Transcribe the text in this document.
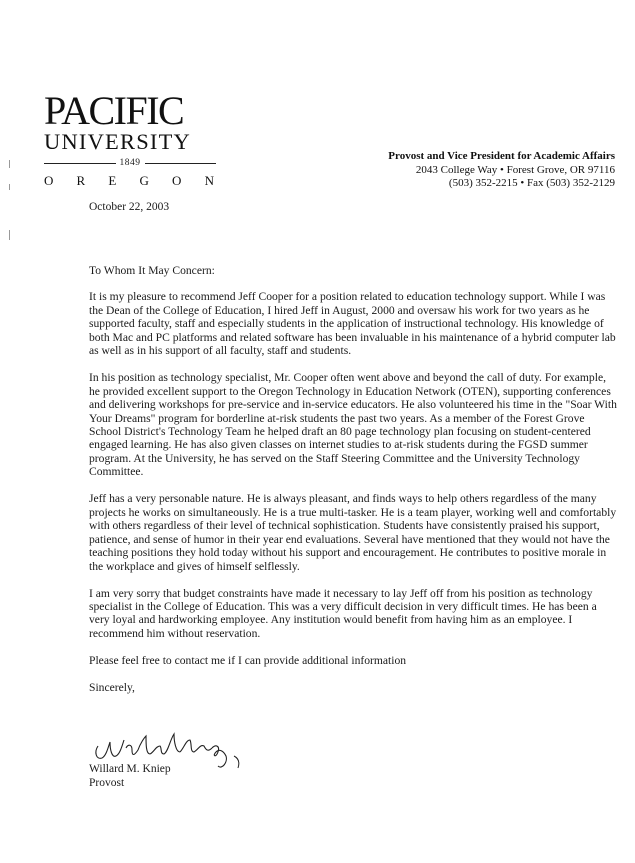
PACIFIC
UNIVERSITY
1849
O R E G O N
Provost and Vice President for Academic Affairs
2043 College Way • Forest Grove, OR 97116
(503) 352-2215 • Fax (503) 352-2129
October 22, 2003

To Whom It May Concern:

It is my pleasure to recommend Jeff Cooper for a position related to education technology support. While I was the Dean of the College of Education, I hired Jeff in August, 2000 and oversaw his work for two years as he supported faculty, staff and especially students in the application of instructional technology. His knowledge of both Mac and PC platforms and related software has been invaluable in his maintenance of a hybrid computer lab as well as in his support of all faculty, staff and students.

In his position as technology specialist, Mr. Cooper often went above and beyond the call of duty. For example, he provided excellent support to the Oregon Technology in Education Network (OTEN), supporting conferences and delivering workshops for pre-service and in-service educators. He also volunteered his time in the "Soar With Your Dreams" program for borderline at-risk students the past two years. As a member of the Forest Grove School District's Technology Team he helped draft an 80 page technology plan focusing on student-centered engaged learning. He has also given classes on internet studies to at-risk students during the FGSD summer program. At the University, he has served on the Staff Steering Committee and the University Technology Committee.

Jeff has a very personable nature. He is always pleasant, and finds ways to help others regardless of the many projects he works on simultaneously. He is a true multi-tasker. He is a team player, working well and comfortably with others regardless of their level of technical sophistication. Students have consistently praised his support, patience, and sense of humor in their year end evaluations. Several have mentioned that they would not have the teaching positions they hold today without his support and encouragement. He contributes to positive morale in the workplace and gives of himself selflessly.

I am very sorry that budget constraints have made it necessary to lay Jeff off from his position as technology specialist in the College of Education. This was a very difficult decision in very difficult times. He has been a very loyal and hardworking employee. Any institution would benefit from having him as an employee. I recommend him without reservation.

Please feel free to contact me if I can provide additional information

Sincerely,

Willard M. Kniep
Provost
